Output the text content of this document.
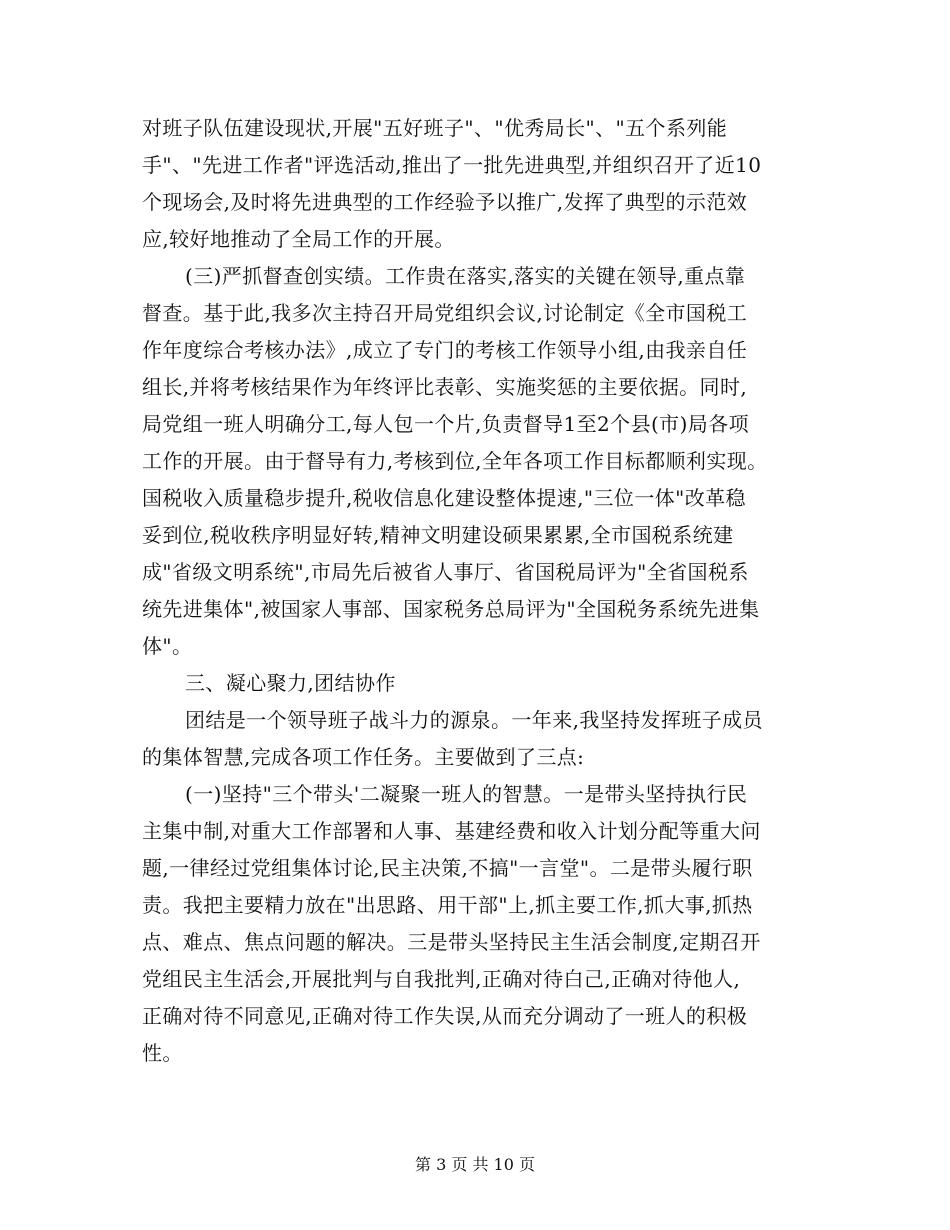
对班子队伍建设现状,开展"五好班子"、"优秀局长"、"五个系列能
手"、"先进工作者"评选活动,推出了一批先进典型,并组织召开了近10
个现场会,及时将先进典型的工作经验予以推广,发挥了典型的示范效
应,较好地推动了全局工作的开展。
(三)严抓督查创实绩。工作贵在落实,落实的关键在领导,重点靠
督查。基于此,我多次主持召开局党组织会议,讨论制定《全市国税工
作年度综合考核办法》,成立了专门的考核工作领导小组,由我亲自任
组长,并将考核结果作为年终评比表彰、实施奖惩的主要依据。同时,
局党组一班人明确分工,每人包一个片,负责督导1至2个县(市)局各项
工作的开展。由于督导有力,考核到位,全年各项工作目标都顺利实现。
国税收入质量稳步提升,税收信息化建设整体提速,"三位一体"改革稳
妥到位,税收秩序明显好转,精神文明建设硕果累累,全市国税系统建
成"省级文明系统",市局先后被省人事厅、省国税局评为"全省国税系
统先进集体",被国家人事部、国家税务总局评为"全国税务系统先进集
体"。
三、凝心聚力,团结协作
团结是一个领导班子战斗力的源泉。一年来,我坚持发挥班子成员
的集体智慧,完成各项工作任务。主要做到了三点:
(一)坚持"三个带头'二凝聚一班人的智慧。一是带头坚持执行民
主集中制,对重大工作部署和人事、基建经费和收入计划分配等重大问
题,一律经过党组集体讨论,民主决策,不搞"一言堂"。二是带头履行职
责。我把主要精力放在"出思路、用干部"上,抓主要工作,抓大事,抓热
点、难点、焦点问题的解决。三是带头坚持民主生活会制度,定期召开
党组民主生活会,开展批判与自我批判,正确对待白己,正确对待他人,
正确对待不同意见,正确对待工作失误,从而充分调动了一班人的积极
性。
第 3 页 共 10 页
